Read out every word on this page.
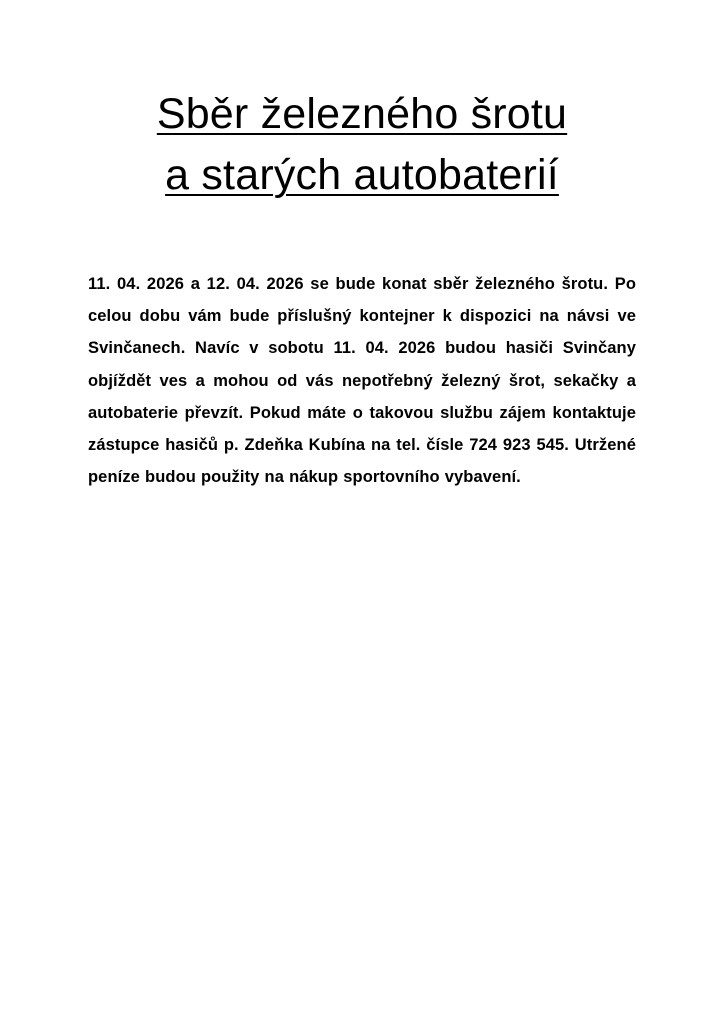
Sběr železného šrotu
a starých autobaterií

11. 04. 2026 a 12. 04. 2026 se bude konat sběr železného šrotu. Po celou dobu vám bude příslušný kontejner k dispozici na návsi ve Svinčanech. Navíc v sobotu 11. 04. 2026 budou hasiči Svinčany objíždět ves a mohou od vás nepotřebný železný šrot, sekačky a autobaterie převzít. Pokud máte o takovou službu zájem kontaktuje zástupce hasičů p. Zdeňka Kubína na tel. čísle 724 923 545. Utržené peníze budou použity na nákup sportovního vybavení.
